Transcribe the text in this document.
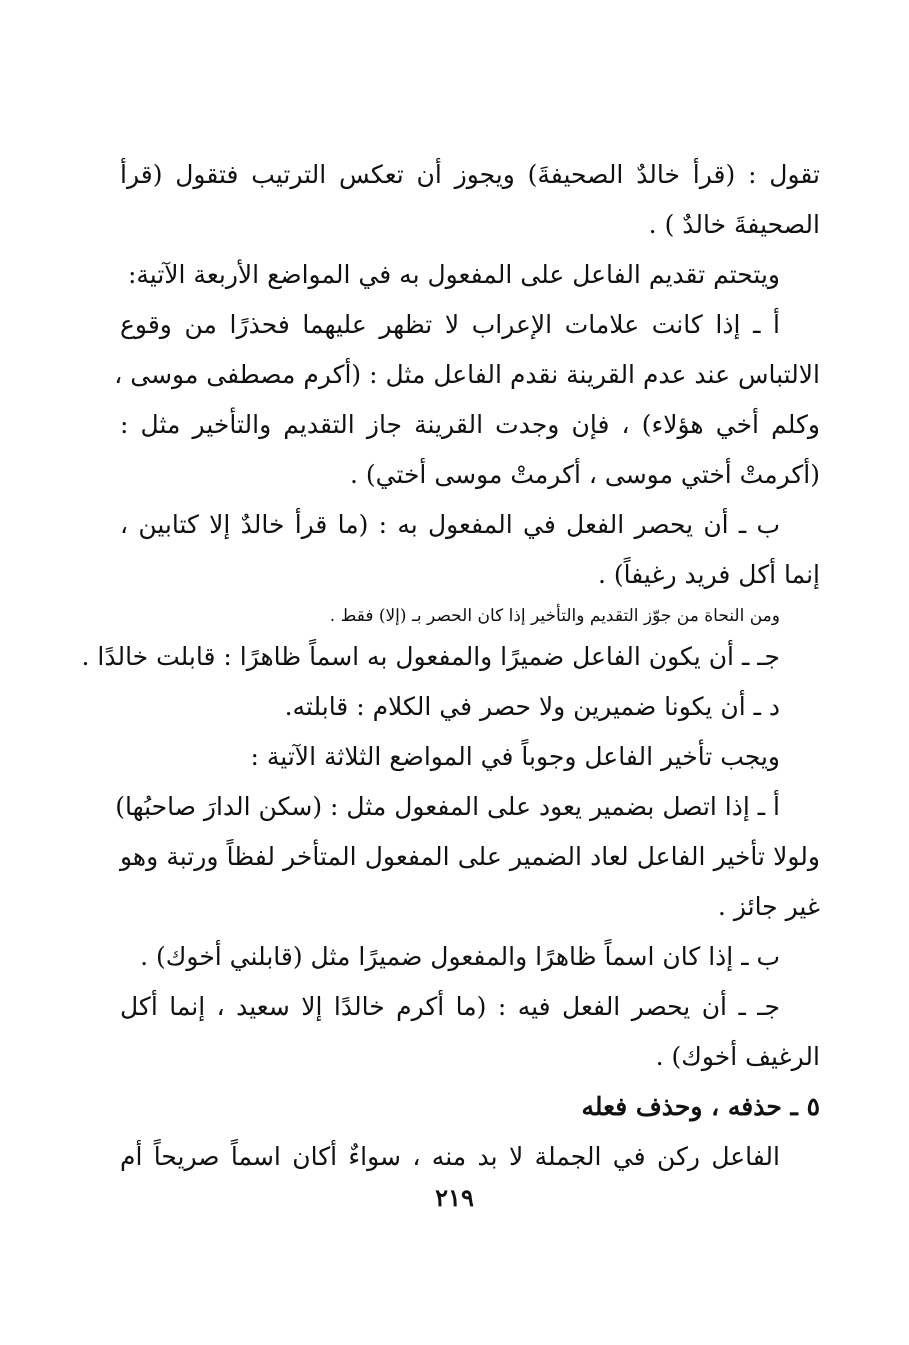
تقول : (قرأ خالدٌ الصحيفةَ) ويجوز أن تعكس الترتيب فتقول (قرأ
الصحيفةَ خالدٌ ) .
ويتحتم تقديم الفاعل على المفعول به في المواضع الأربعة الآتية:
أ ـ إذا كانت علامات الإعراب لا تظهر عليهما فحذرًا من وقوع
الالتباس عند عدم القرينة نقدم الفاعل مثل : (أكرم مصطفى موسى ،
وكلم أخي هؤلاء) ، فإن وجدت القرينة جاز التقديم والتأخير مثل :
(أكرمتْ أختي موسى ، أكرمتْ موسى أختي) .
ب ـ أن يحصر الفعل في المفعول به : (ما قرأ خالدٌ إلا كتابين ،
إنما أكل فريد رغيفاً) .
ومن النحاة من جوّز التقديم والتأخير إذا كان الحصر بـ (إلا) فقط .
جـ ـ أن يكون الفاعل ضميرًا والمفعول به اسماً ظاهرًا : قابلت خالدًا .
د ـ أن يكونا ضميرين ولا حصر في الكلام : قابلته.
ويجب تأخير الفاعل وجوباً في المواضع الثلاثة الآتية :
أ ـ إذا اتصل بضمير يعود على المفعول مثل : (سكن الدارَ صاحبُها)
ولولا تأخير الفاعل لعاد الضمير على المفعول المتأخر لفظاً ورتبة وهو
غير جائز .
ب ـ إذا كان اسماً ظاهرًا والمفعول ضميرًا مثل (قابلني أخوك) .
جـ ـ أن يحصر الفعل فيه : (ما أكرم خالدًا إلا سعيد ، إنما أكل
الرغيف أخوك) .
٥ ـ حذفه ، وحذف فعله
الفاعل ركن في الجملة لا بد منه ، سواءٌ أكان اسماً صريحاً أم
٢١٩
